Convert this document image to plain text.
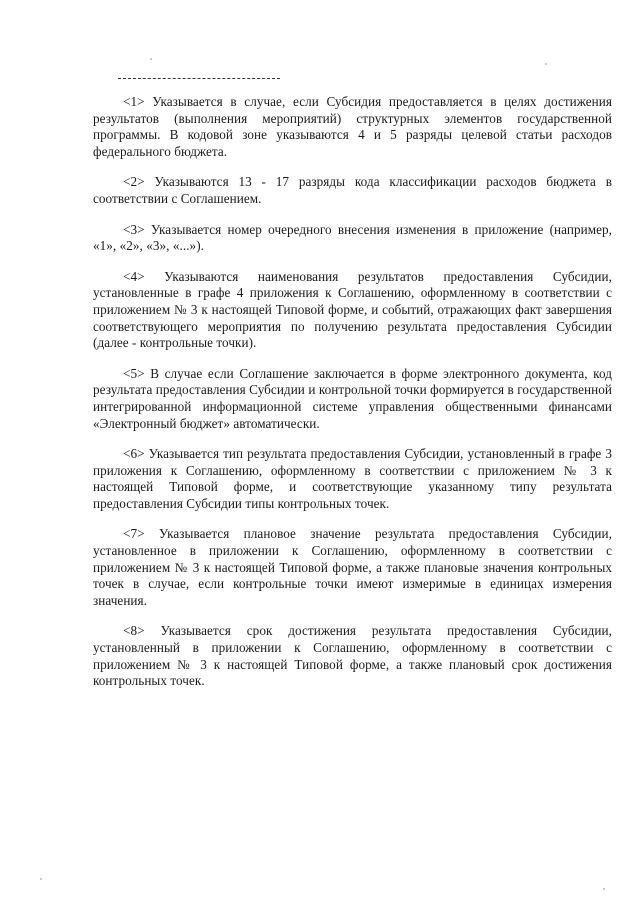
<1> Указывается в случае, если Субсидия предоставляется в целях достижения результатов (выполнения мероприятий) структурных элементов государственной программы. В кодовой зоне указываются 4 и 5 разряды целевой статьи расходов федерального бюджета.

<2> Указываются 13 - 17 разряды кода классификации расходов бюджета в соответствии с Соглашением.

<3> Указывается номер очередного внесения изменения в приложение (например, «1», «2», «3», «...»).

<4> Указываются наименования результатов предоставления Субсидии, установленные в графе 4 приложения к Соглашению, оформленному в соответствии с приложением № 3 к настоящей Типовой форме, и событий, отражающих факт завершения соответствующего мероприятия по получению результата предоставления Субсидии (далее - контрольные точки).

<5> В случае если Соглашение заключается в форме электронного документа, код результата предоставления Субсидии и контрольной точки формируется в государственной интегрированной информационной системе управления общественными финансами «Электронный бюджет» автоматически.

<6> Указывается тип результата предоставления Субсидии, установленный в графе 3 приложения к Соглашению, оформленному в соответствии с приложением № 3 к настоящей Типовой форме, и соответствующие указанному типу результата предоставления Субсидии типы контрольных точек.

<7> Указывается плановое значение результата предоставления Субсидии, установленное в приложении к Соглашению, оформленному в соответствии с приложением № 3 к настоящей Типовой форме, а также плановые значения контрольных точек в случае, если контрольные точки имеют измеримые в единицах измерения значения.

<8> Указывается срок достижения результата предоставления Субсидии, установленный в приложении к Соглашению, оформленному в соответствии с приложением № 3 к настоящей Типовой форме, а также плановый срок достижения контрольных точек.
